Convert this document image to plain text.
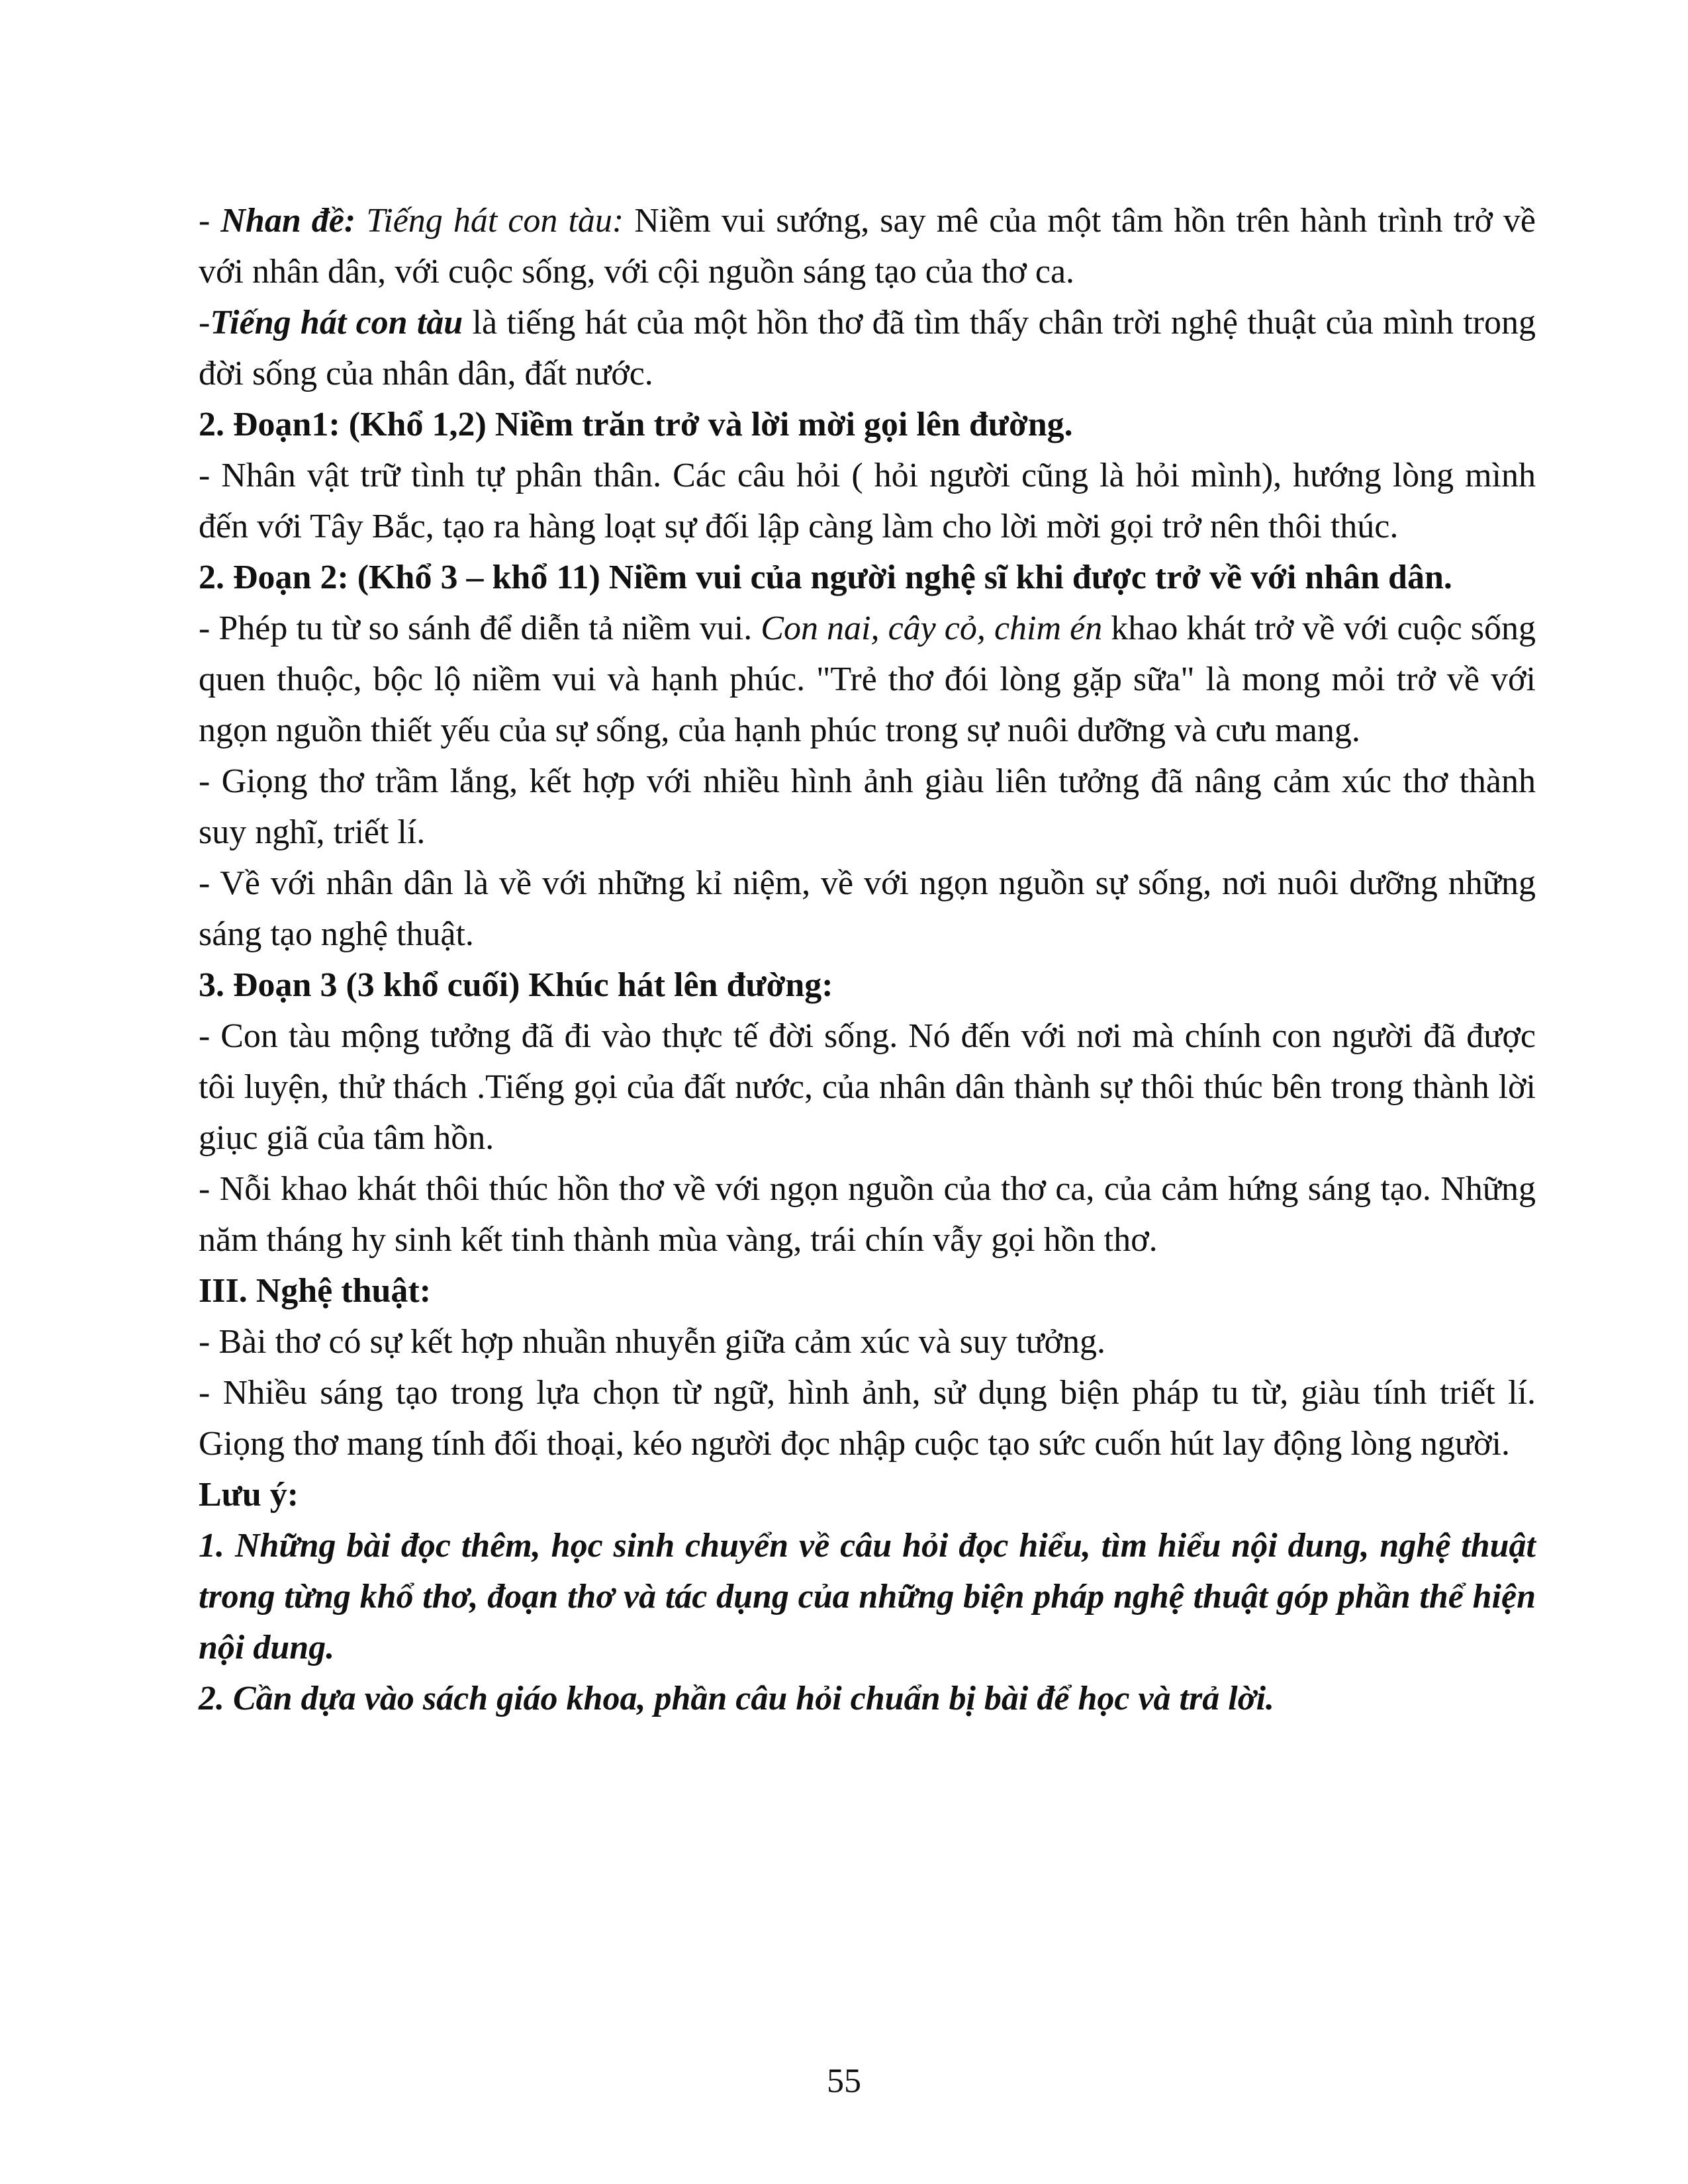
- Nhan đề: Tiếng hát con tàu: Niềm vui sướng, say mê của một tâm hồn trên hành trình trở về với nhân dân, với cuộc sống, với cội nguồn sáng tạo của thơ ca.

-Tiếng hát con tàu là tiếng hát của một hồn thơ đã tìm thấy chân trời nghệ thuật của mình trong đời sống của nhân dân, đất nước.

2. Đoạn1: (Khổ 1,2) Niềm trăn trở và lời mời gọi lên đường.

- Nhân vật trữ tình tự phân thân. Các câu hỏi ( hỏi người cũng là hỏi mình), hướng lòng mình đến với Tây Bắc, tạo ra hàng loạt sự đối lập càng làm cho lời mời gọi trở nên thôi thúc.

2. Đoạn 2: (Khổ 3 – khổ 11) Niềm vui của người nghệ sĩ khi được trở về với nhân dân.

- Phép tu từ so sánh để diễn tả niềm vui. Con nai, cây cỏ, chim én khao khát trở về với cuộc sống quen thuộc, bộc lộ niềm vui và hạnh phúc. "Trẻ thơ đói lòng gặp sữa" là mong mỏi trở về với ngọn nguồn thiết yếu của sự sống, của hạnh phúc trong sự nuôi dưỡng và cưu mang.

- Giọng thơ trầm lắng, kết hợp với nhiều hình ảnh giàu liên tưởng đã nâng cảm xúc thơ thành suy nghĩ, triết lí.

- Về với nhân dân là về với những kỉ niệm, về với ngọn nguồn sự sống, nơi nuôi dưỡng những sáng tạo nghệ thuật.

3. Đoạn 3 (3 khổ cuối) Khúc hát lên đường:

- Con tàu mộng tưởng đã đi vào thực tế đời sống. Nó đến với nơi mà chính con người đã được tôi luyện, thử thách .Tiếng gọi của đất nước, của nhân dân thành sự thôi thúc bên trong thành lời giục giã của tâm hồn.

- Nỗi khao khát thôi thúc hồn thơ về với ngọn nguồn của thơ ca, của cảm hứng sáng tạo. Những năm tháng hy sinh kết tinh thành mùa vàng, trái chín vẫy gọi hồn thơ.

III. Nghệ thuật:

- Bài thơ có sự kết hợp nhuần nhuyễn giữa cảm xúc và suy tưởng.

- Nhiều sáng tạo trong lựa chọn từ ngữ, hình ảnh, sử dụng biện pháp tu từ, giàu tính triết lí. Giọng thơ mang tính đối thoại, kéo người đọc nhập cuộc tạo sức cuốn hút lay động lòng người.

Lưu ý:

1. Những bài đọc thêm, học sinh chuyển về câu hỏi đọc hiểu, tìm hiểu nội dung, nghệ thuật trong từng khổ thơ, đoạn thơ và tác dụng của những biện pháp nghệ thuật góp phần thể hiện nội dung.

2. Cần dựa vào sách giáo khoa, phần câu hỏi chuẩn bị bài để học và trả lời.

55
